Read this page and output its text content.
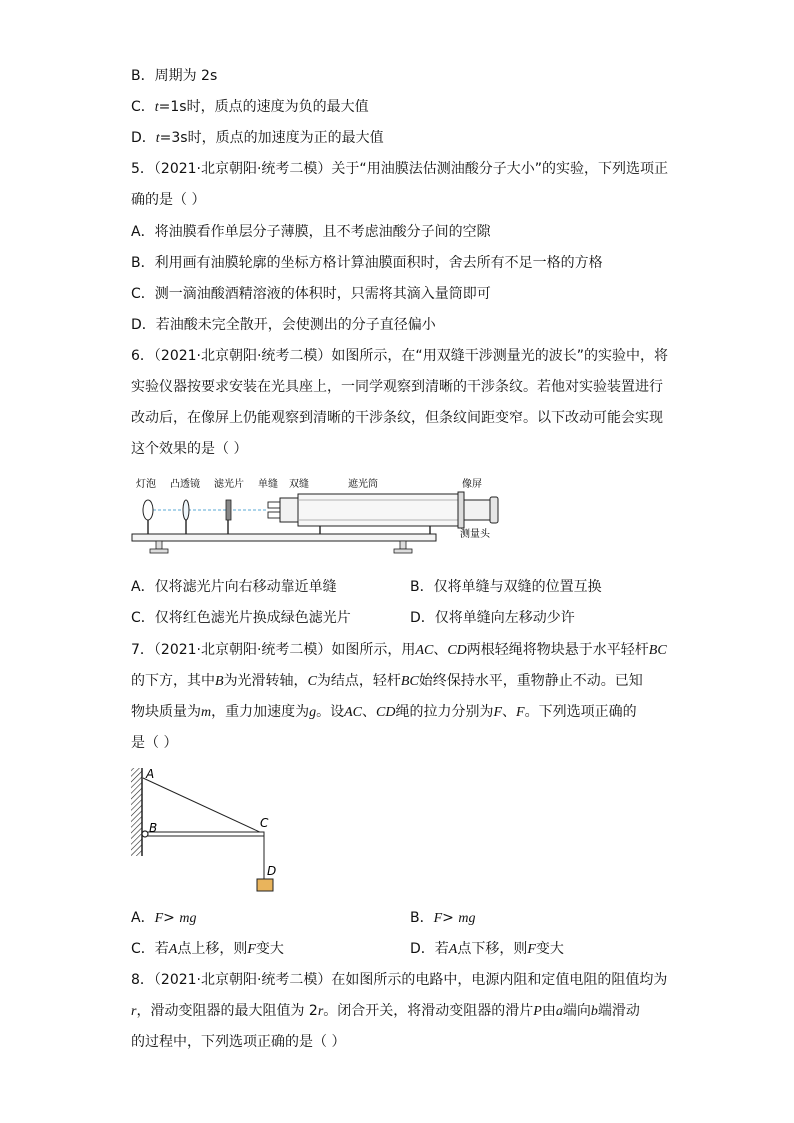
B．周期为 2s
C．t=1s时，质点的速度为负的最大值
D．t=3s时，质点的加速度为正的最大值
5．（2021·北京朝阳·统考二模）关于“用油膜法估测油酸分子大小”的实验，下列选项正
确的是（ ）
A．将油膜看作单层分子薄膜，且不考虑油酸分子间的空隙
B．利用画有油膜轮廓的坐标方格计算油膜面积时，舍去所有不足一格的方格
C．测一滴油酸酒精溶液的体积时，只需将其滴入量筒即可
D．若油酸未完全散开，会使测出的分子直径偏小
6．（2021·北京朝阳·统考二模）如图所示，在“用双缝干涉测量光的波长”的实验中，将
实验仪器按要求安装在光具座上，一同学观察到清晰的干涉条纹。若他对实验装置进行
改动后，在像屏上仍能观察到清晰的干涉条纹，但条纹间距变窄。以下改动可能会实现
这个效果的是（ ）
灯泡 凸透镜 滤光片 单缝 双缝	遮光筒	像屏
测量头
A．仅将滤光片向右移动靠近单缝	B．仅将单缝与双缝的位置互换
C．仅将红色滤光片换成绿色滤光片	D．仅将单缝向左移动少许
7．（2021·北京朝阳·统考二模）如图所示，用AC、CD两根轻绳将物块悬于水平轻杆BC
的下方，其中B为光滑转轴，C为结点，轻杆BC始终保持水平，重物静止不动。已知
物块质量为m，重力加速度为g。设AC、CD绳的拉力分别为F、F。下列选项正确的
是（ ）
A
B	C
D
A．F> mg	B．F> mg
C．若A点上移，则F变大	D．若A点下移，则F变大
8．（2021·北京朝阳·统考二模）在如图所示的电路中，电源内阻和定值电阻的阻值均为
r，滑动变阻器的最大阻值为 2r。闭合开关，将滑动变阻器的滑片P由a端向b端滑动
的过程中，下列选项正确的是（ ）
